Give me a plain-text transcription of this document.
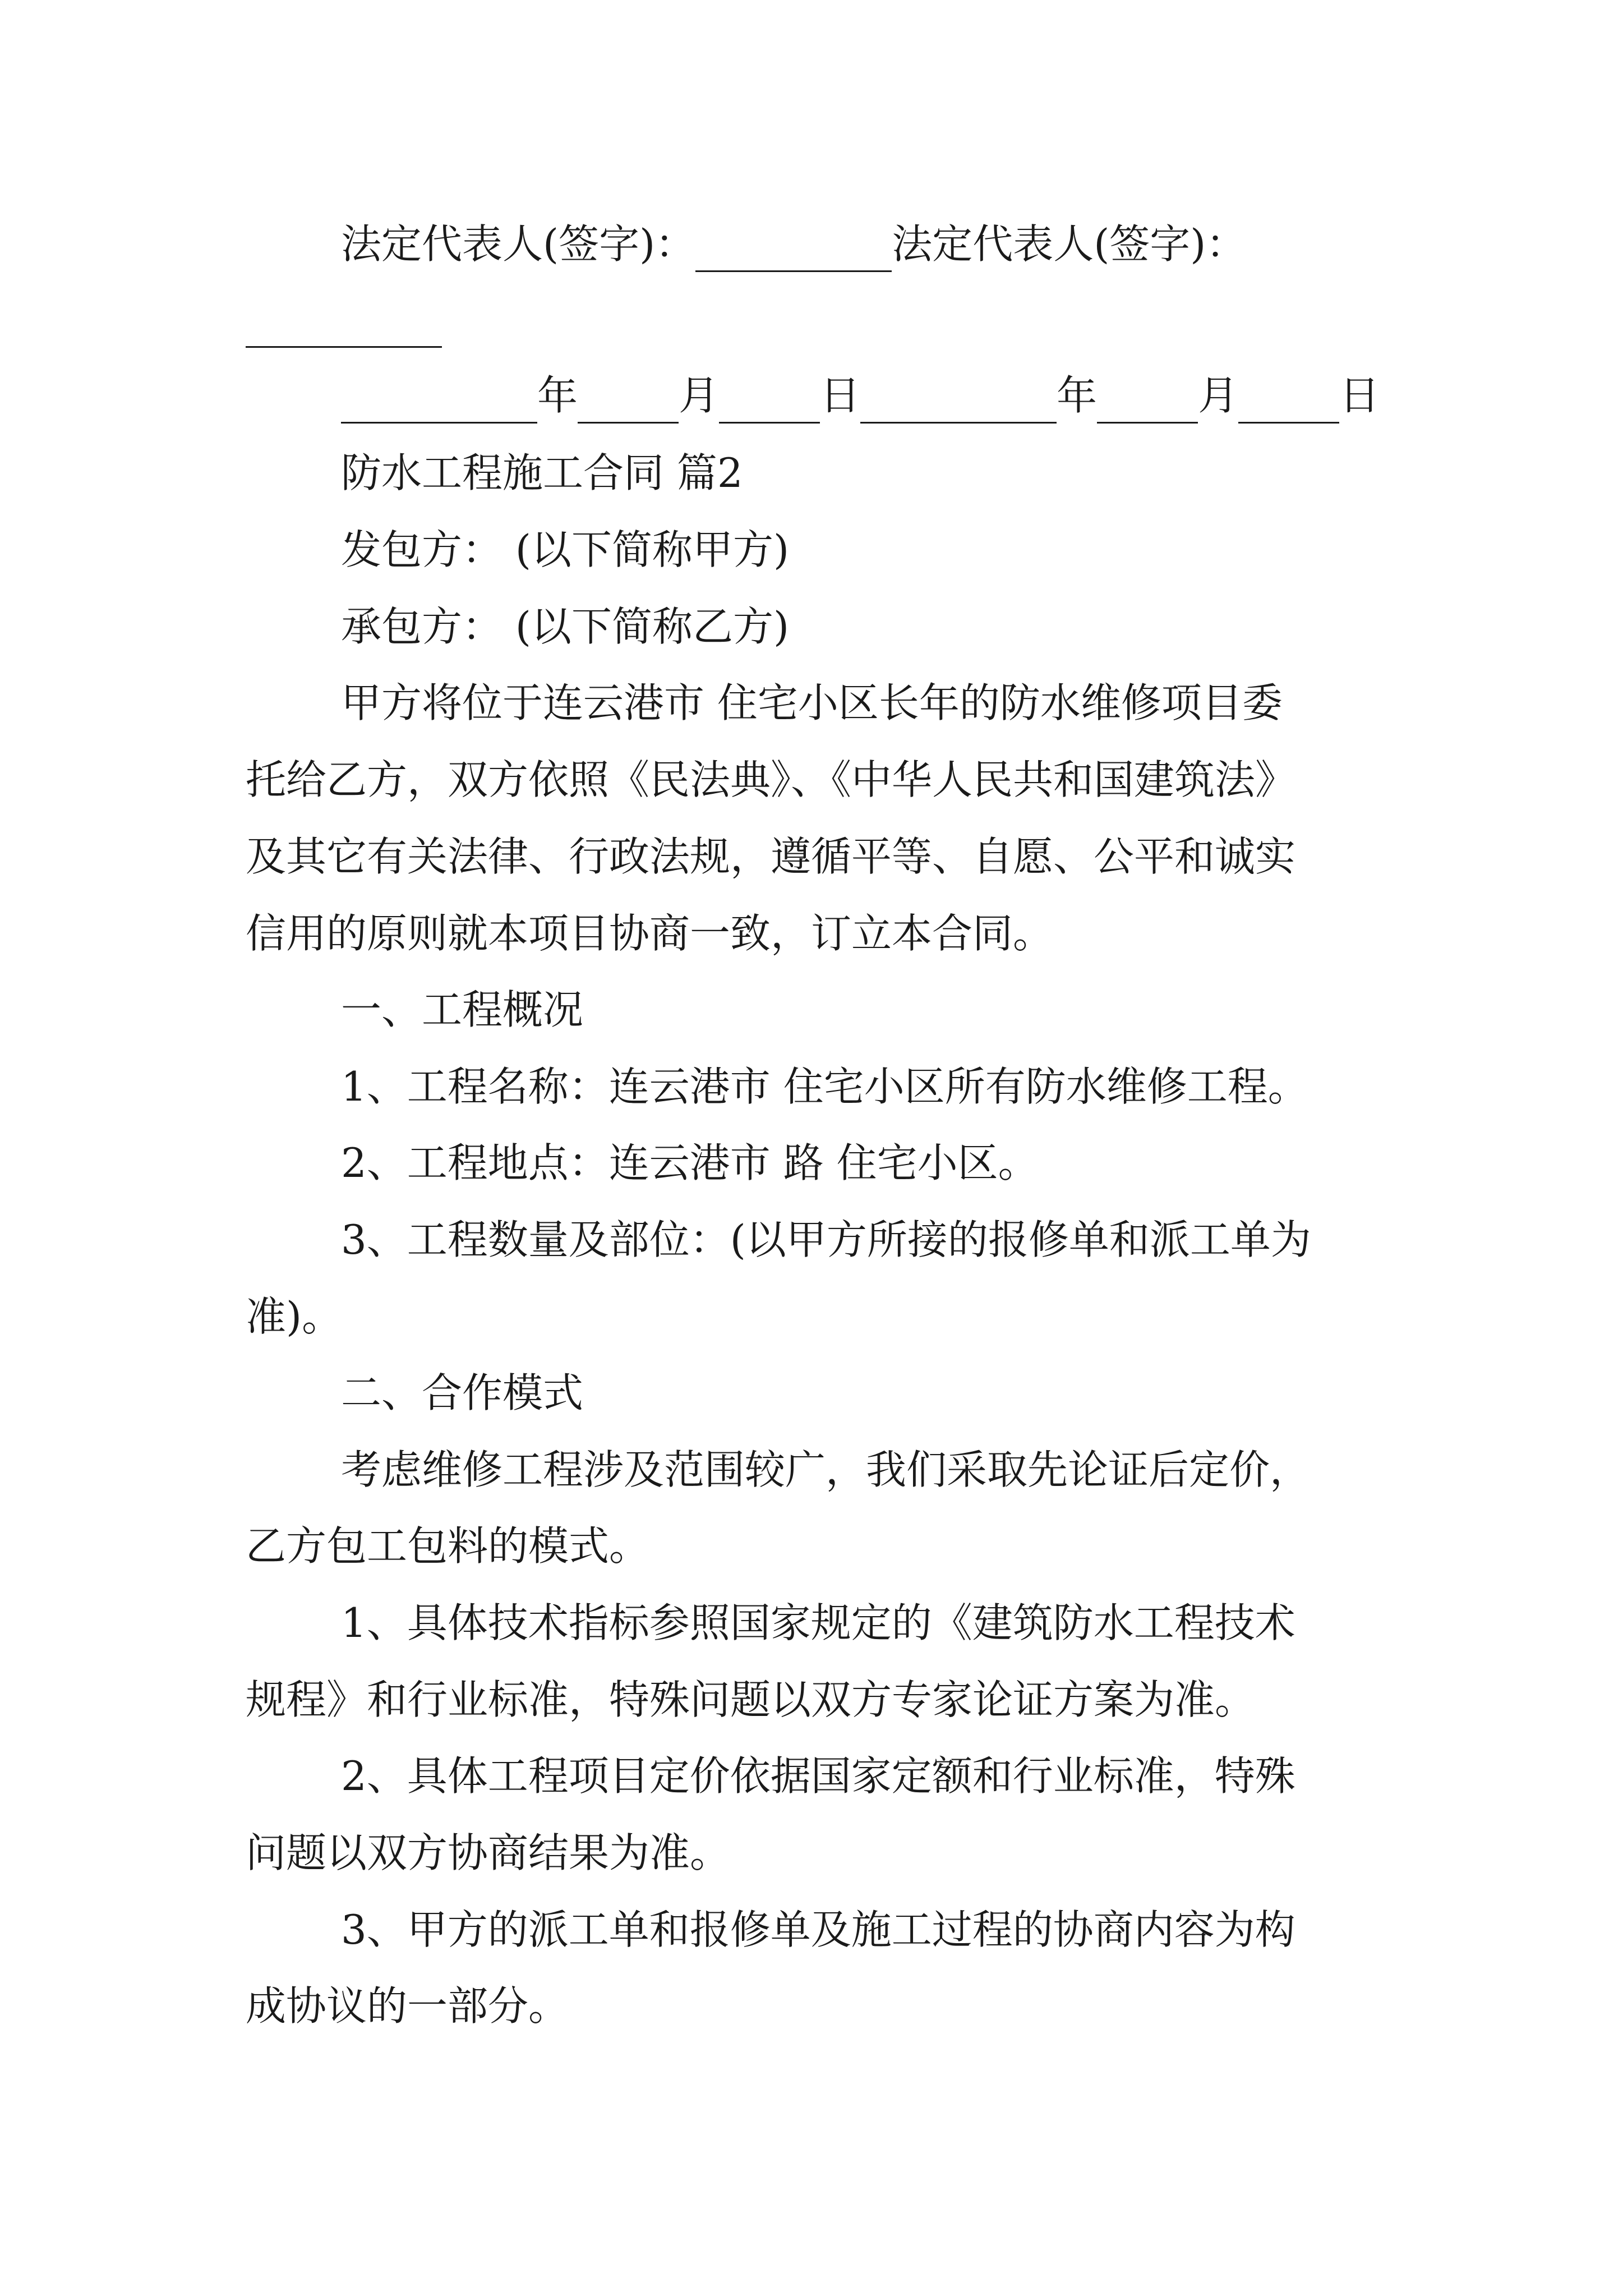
法定代表人(签字)：	法定代表人(签字)：
年	月	日	年	月	日
防水工程施工合同 篇2
发包方： (以下简称甲方)
承包方： (以下简称乙方)
甲方将位于连云港市 住宅小区长年的防水维修项目委
托给乙方，双方依照《民法典》、《中华人民共和国建筑法》
及其它有关法律、行政法规，遵循平等、自愿、公平和诚实
信用的原则就本项目协商一致，订立本合同。
一、工程概况
1、工程名称：连云港市 住宅小区所有防水维修工程。
2、工程地点：连云港市 路 住宅小区。
3、工程数量及部位：(以甲方所接的报修单和派工单为
准)。
二、合作模式
考虑维修工程涉及范围较广，我们采取先论证后定价，
乙方包工包料的模式。
1、具体技术指标参照国家规定的《建筑防水工程技术
规程》和行业标准，特殊问题以双方专家论证方案为准。
2、具体工程项目定价依据国家定额和行业标准，特殊
问题以双方协商结果为准。
3、甲方的派工单和报修单及施工过程的协商内容为构
成协议的一部分。
